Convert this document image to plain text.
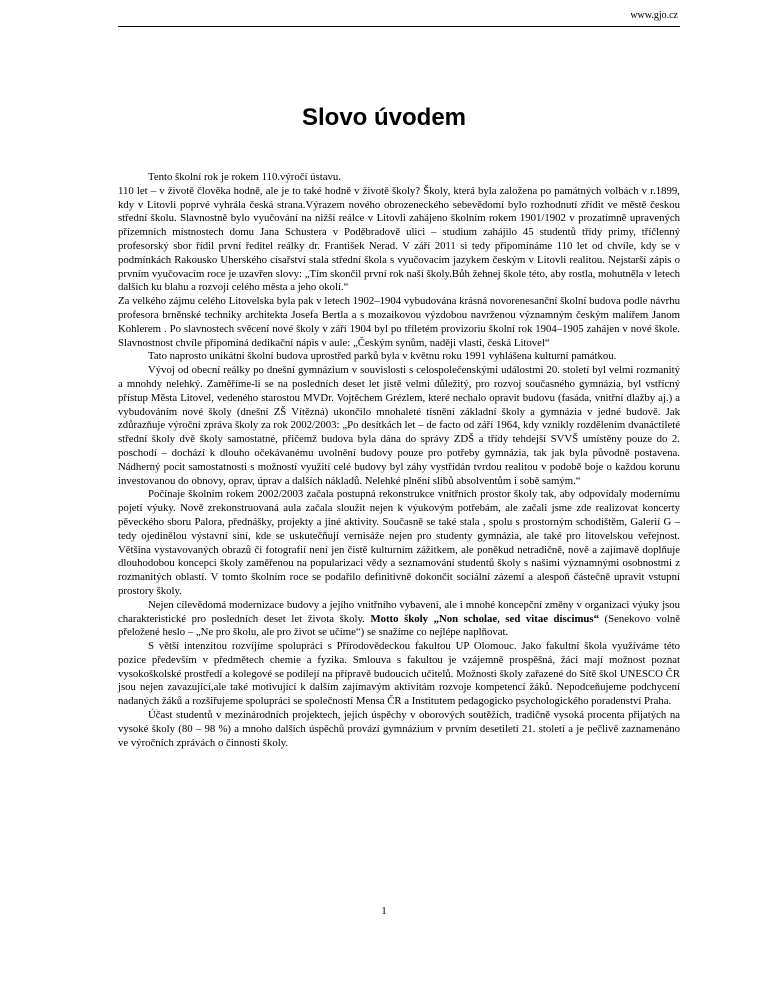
www.gjo.cz
Slovo úvodem

Tento školní rok je rokem 110.výročí ústavu.

110 let – v životě člověka hodně, ale je to také hodně v životě školy? Školy, která byla založena po památných volbách v r.1899, kdy v Litovli poprvé vyhrála česká strana.Výrazem nového obrozeneckého sebevědomí bylo rozhodnutí zřídit ve městě českou střední školu. Slavnostně bylo vyučování na nižší reálce v Litovli zahájeno školním rokem 1901/1902 v prozatímně upravených přízemních místnostech domu Jana Schustera v Poděbradově ulici – studium zahájilo 45 studentů třídy primy, tříčlenný profesorský sbor řídil první ředitel reálky dr. František Nerad. V září 2011 si tedy připomínáme 110 let od chvíle, kdy se v podmínkách Rakousko Uherského císařství stala střední škola s vyučovacím jazykem českým v Litovli realitou. Nejstarší zápis o prvním vyučovacím roce je uzavřen slovy: „Tím skončil první rok naší školy.Bůh žehnej škole této, aby rostla, mohutněla v letech dalších ku blahu a rozvoji celého města a jeho okolí.“

Za velkého zájmu celého Litovelska byla pak v letech 1902–1904 vybudována krásná novorenesanční školní budova podle návrhu profesora brněnské techniky architekta Josefa Bertla a s mozaikovou výzdobou navrženou významným českým malířem Janom Kohlerem . Po slavnostech svěcení nové školy v září 1904 byl po tříletém provizoriu školní rok 1904–1905 zahájen v nové škole. Slavnostnost chvíle připomíná dedikační nápis v aule: „Českým synům, naději vlasti, česká Litovel“

Tato naprosto unikátní školní budova uprostřed parků byla v květnu roku 1991 vyhlášena kulturní památkou.

Vývoj od obecní reálky po dnešní gymnázium v souvislosti s celospolečenskými událostmi 20. století byl velmi rozmanitý a mnohdy nelehký. Zaměříme-li se na posledních deset let jistě velmi důležitý, pro rozvoj současného gymnázia, byl vstřícný přístup Města Litovel, vedeného starostou MVDr. Vojtěchem Grézlem, které nechalo opravit budovu (fasáda, vnitřní dlažby aj.) a vybudováním nové školy (dnešní ZŠ Vítězná) ukončilo mnohaleté tísnění základní školy a gymnázia v jedné budově. Jak zdůrazňuje výroční zpráva školy za rok 2002/2003: „Po desítkách let – de facto od září 1964, kdy vznikly rozdělením dvanáctileté střední školy dvě školy samostatné, přičemž budova byla dána do správy ZDŠ a třídy tehdejší SVVŠ umístěny pouze do 2. poschodí – dochází k dlouho očekávanému uvolnění budovy pouze pro potřeby gymnázia, tak jak byla původně postavena. Nádherný pocit samostatnosti s možností využití celé budovy byl záhy vystřídán tvrdou realitou v podobě boje o každou korunu investovanou do obnovy, oprav, úprav a dalších nákladů. Nelehké plnění slibů absolventům i sobě samým.“

Počínaje školním rokem 2002/2003 začala postupná rekonstrukce vnitřních prostor školy tak, aby odpovídaly modernímu pojetí výuky. Nově zrekonstruovaná aula začala sloužit nejen k výukovým potřebám, ale začali jsme zde realizovat koncerty pěveckého sboru Palora, přednášky, projekty a jiné aktivity. Současně se také stala , spolu s prostorným schodištěm, Galerií G – tedy ojedinělou výstavní síní, kde se uskutečňují vernisáže nejen pro studenty gymnázia, ale také pro litovelskou veřejnost. Většina vystavovaných obrazů či fotografií není jen čistě kulturním zážitkem, ale poněkud netradičně, nově a zajímavě doplňuje dlouhodobou koncepci školy zaměřenou na popularizaci vědy a seznamování studentů školy s našimi významnými osobnostmi z rozmanitých oblastí. V tomto školním roce se podařilo definitivně dokončit sociální zázemí a alespoň částečně upravit vstupní prostory školy.

Nejen cílevědomá modernizace budovy a jejího vnitřního vybavení, ale i mnohé koncepční změny v organizaci výuky jsou charakteristické pro posledních deset let života školy. Motto školy „Non scholae, sed vitae discimus“ (Senekovo volně přeložené heslo – „Ne pro školu, ale pro život se učíme“) se snažíme co nejlépe naplňovat.

S větší intenzitou rozvíjíme spolupráci s Přírodovědeckou fakultou UP Olomouc. Jako fakultní škola využíváme této pozice především v předmětech chemie a fyzika. Smlouva s fakultou je vzájemně prospěšná, žáci mají možnost poznat vysokoškolské prostředí a kolegové se podílejí na přípravě budoucích učitelů. Možnosti školy zařazené do Sítě škol UNESCO ČR jsou nejen zavazující,ale také motivující k dalším zajímavým aktivitám rozvoje kompetencí žáků. Nepodceňujeme podchycení nadaných žáků a rozšiřujeme spolupráci se společností Mensa ČR a Institutem pedagogicko psychologického poradenství Praha.

Účast studentů v mezinárodních projektech, jejich úspěchy v oborových soutěžích, tradičně vysoká procenta přijatých na vysoké školy (80 – 98 %) a mnoho dalších úspěchů provází gymnázium v prvním desetiletí 21. století a je pečlivě zaznamenáno ve výročních zprávách o činnosti školy.

1
